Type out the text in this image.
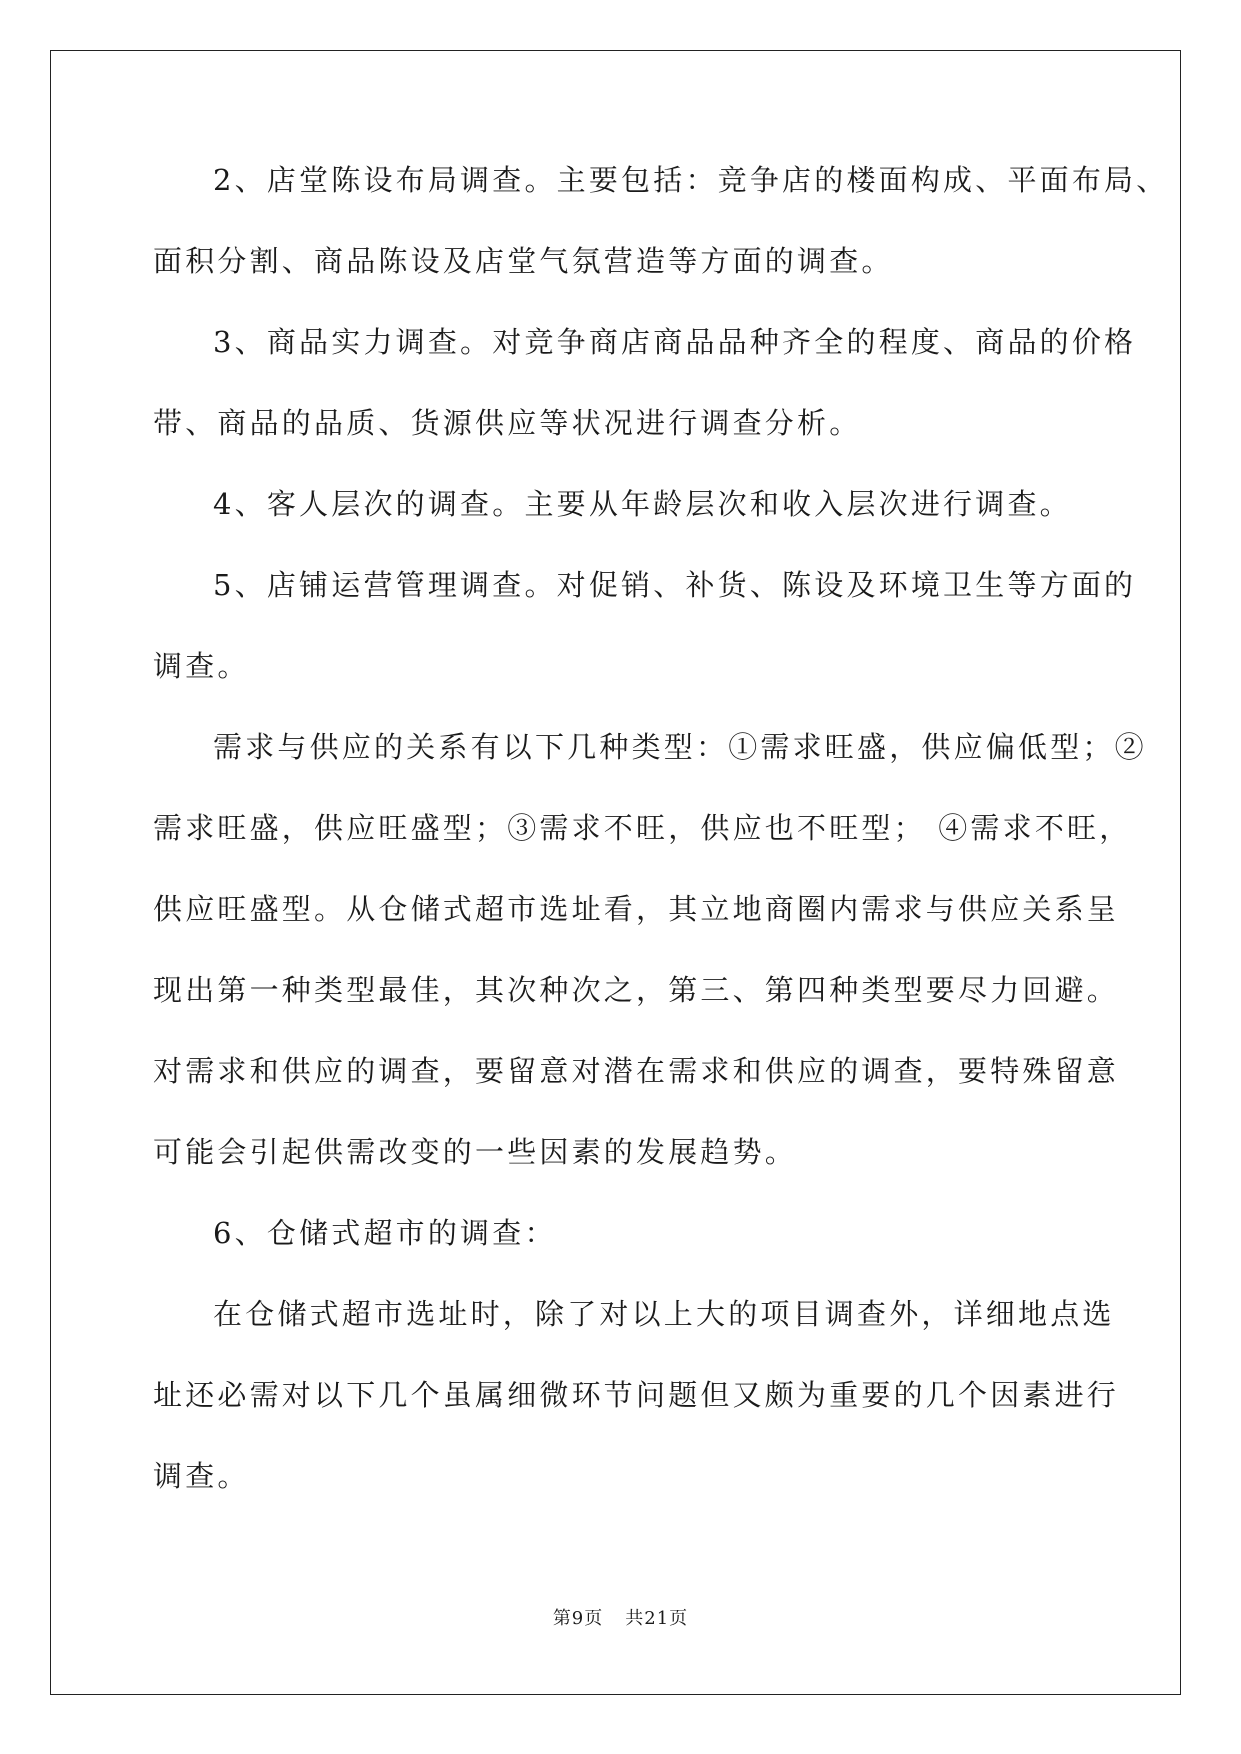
2、店堂陈设布局调查。主要包括：竞争店的楼面构成、平面布局、
面积分割、商品陈设及店堂气氛营造等方面的调查。
3、商品实力调查。对竞争商店商品品种齐全的程度、商品的价格
带、商品的品质、货源供应等状况进行调查分析。
4、客人层次的调查。主要从年龄层次和收入层次进行调查。
5、店铺运营管理调查。对促销、补货、陈设及环境卫生等方面的
调查。
需求与供应的关系有以下几种类型：①需求旺盛，供应偏低型；②
需求旺盛，供应旺盛型；③需求不旺，供应也不旺型； ④需求不旺，
供应旺盛型。从仓储式超市选址看，其立地商圈内需求与供应关系呈
现出第一种类型最佳，其次种次之，第三、第四种类型要尽力回避。
对需求和供应的调查，要留意对潜在需求和供应的调查，要特殊留意
可能会引起供需改变的一些因素的发展趋势。
6、仓储式超市的调查：
在仓储式超市选址时，除了对以上大的项目调查外，详细地点选
址还必需对以下几个虽属细微环节问题但又颇为重要的几个因素进行
调查。
第9页 共21页
